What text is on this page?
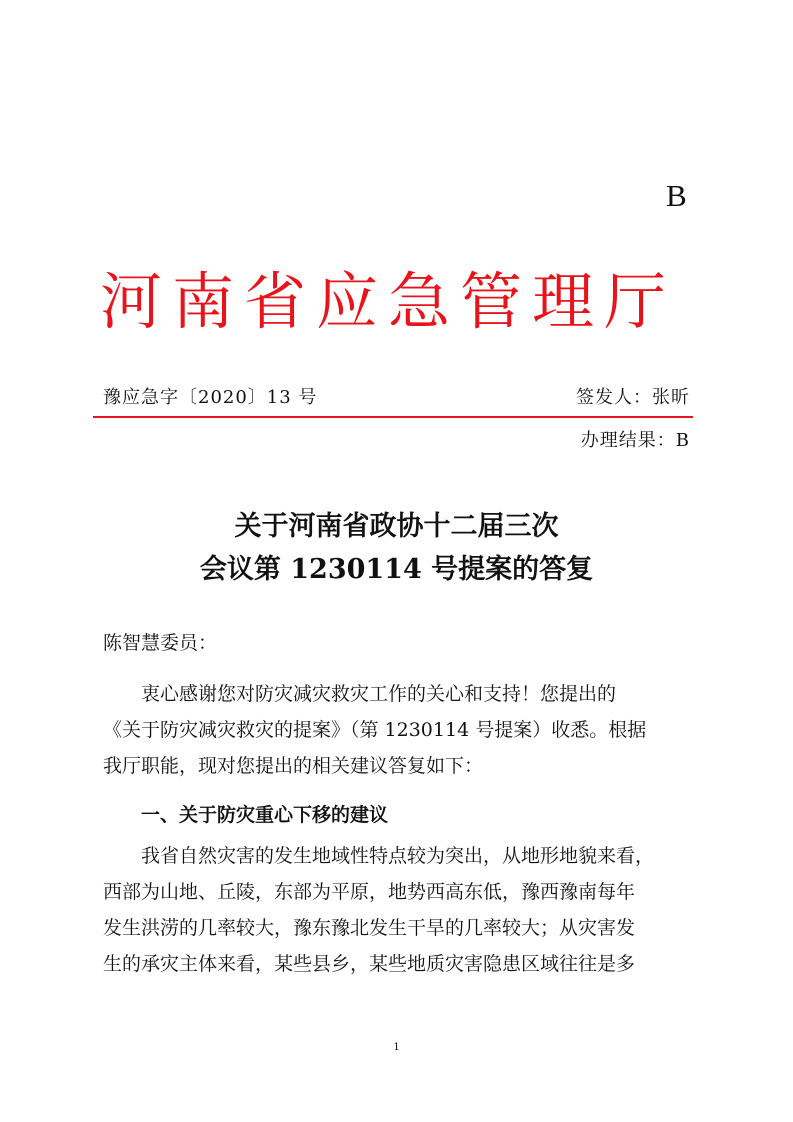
B
河南省应急管理厅
豫应急字〔2020〕13 号	签发人：张昕
办理结果：B
关于河南省政协十二届三次
会议第 1230114 号提案的答复
陈智慧委员：
衷心感谢您对防灾减灾救灾工作的关心和支持！您提出的
《关于防灾减灾救灾的提案》（第 1230114 号提案）收悉。根据
我厅职能，现对您提出的相关建议答复如下：
一、关于防灾重心下移的建议
我省自然灾害的发生地域性特点较为突出，从地形地貌来看，
西部为山地、丘陵，东部为平原，地势西高东低，豫西豫南每年
发生洪涝的几率较大，豫东豫北发生干旱的几率较大；从灾害发
生的承灾主体来看，某些县乡，某些地质灾害隐患区域往往是多
1
